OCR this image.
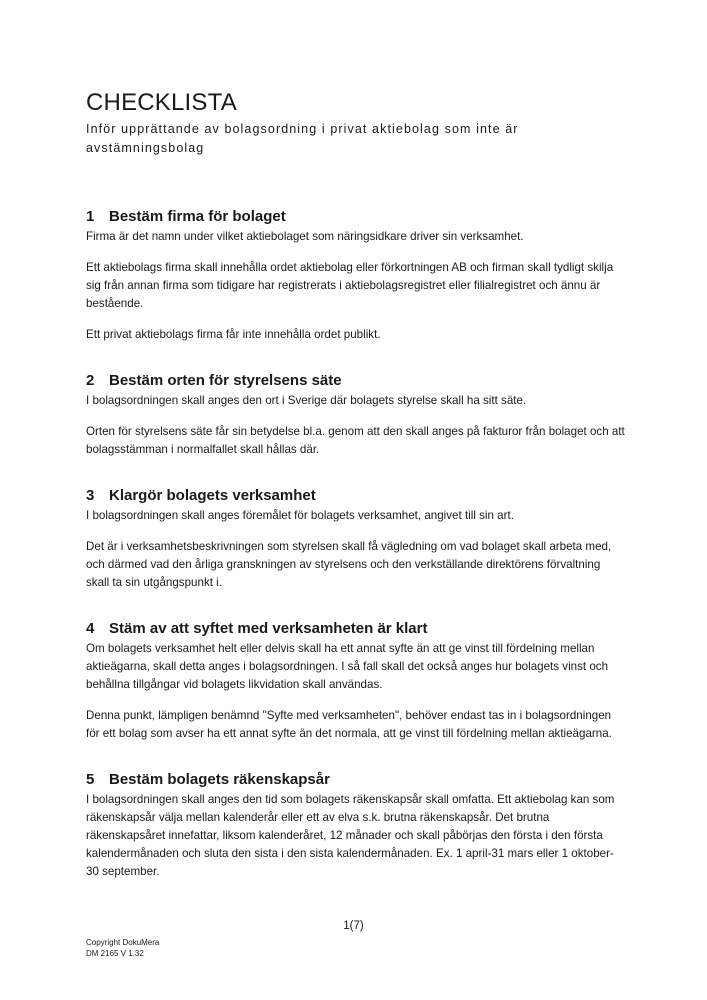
CHECKLISTA

Inför upprättande av bolagsordning i privat aktiebolag som inte är avstämningsbolag

1 Bestäm firma för bolaget

Firma är det namn under vilket aktiebolaget som näringsidkare driver sin verksamhet.

Ett aktiebolags firma skall innehålla ordet aktiebolag eller förkortningen AB och firman skall tydligt skilja sig från annan firma som tidigare har registrerats i aktiebolagsregistret eller filialregistret och ännu är bestående.

Ett privat aktiebolags firma får inte innehålla ordet publikt.

2 Bestäm orten för styrelsens säte

I bolagsordningen skall anges den ort i Sverige där bolagets styrelse skall ha sitt säte.

Orten för styrelsens säte får sin betydelse bl.a. genom att den skall anges på fakturor från bolaget och att bolagsstämman i normalfallet skall hållas där.

3 Klargör bolagets verksamhet

I bolagsordningen skall anges föremålet för bolagets verksamhet, angivet till sin art.

Det är i verksamhetsbeskrivningen som styrelsen skall få vägledning om vad bolaget skall arbeta med, och därmed vad den årliga granskningen av styrelsens och den verkställande direktörens förvaltning skall ta sin utgångspunkt i.

4 Stäm av att syftet med verksamheten är klart

Om bolagets verksamhet helt eller delvis skall ha ett annat syfte än att ge vinst till fördelning mellan aktieägarna, skall detta anges i bolagsordningen. I så fall skall det också anges hur bolagets vinst och behållna tillgångar vid bolagets likvidation skall användas.

Denna punkt, lämpligen benämnd "Syfte med verksamheten", behöver endast tas in i bolagsordningen för ett bolag som avser ha ett annat syfte än det normala, att ge vinst till fördelning mellan aktieägarna.

5 Bestäm bolagets räkenskapsår

I bolagsordningen skall anges den tid som bolagets räkenskapsår skall omfatta. Ett aktiebolag kan som räkenskapsår välja mellan kalenderår eller ett av elva s.k. brutna räkenskapsår. Det brutna räkenskapsåret innefattar, liksom kalenderåret, 12 månader och skall påbörjas den första i den första kalendermånaden och sluta den sista i den sista kalendermånaden. Ex. 1 april-31 mars eller 1 oktober-30 september.

1(7)
Copyright DokuMera
DM 2165 V 1.32
